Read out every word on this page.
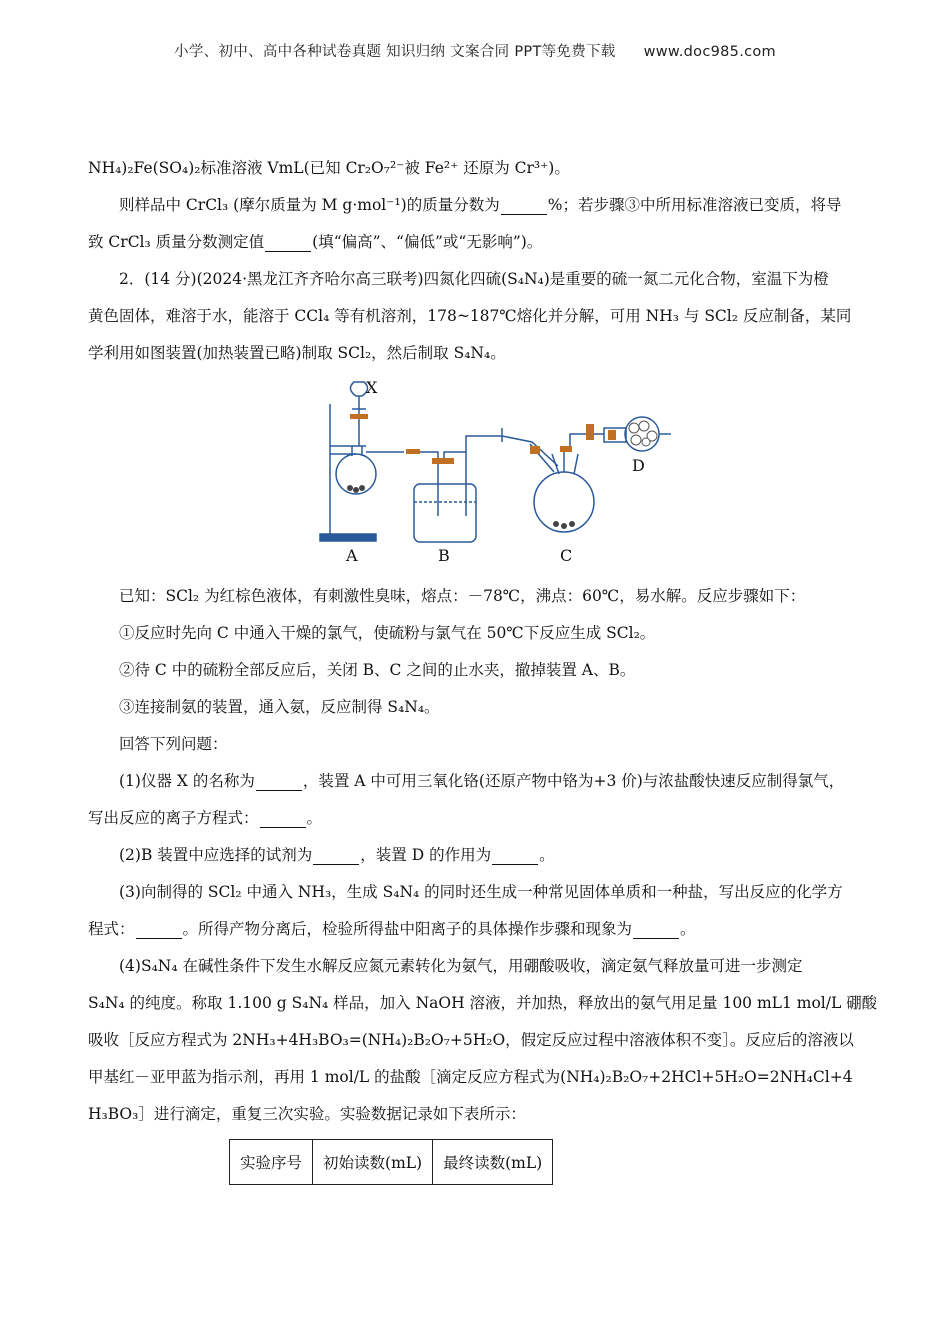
小学、初中、高中各种试卷真题 知识归纳 文案合同 PPT等免费下载 www.doc985.com
NH₄)₂Fe(SO₄)₂标准溶液 VmL(已知 Cr₂O₇²⁻被 Fe²⁺ 还原为 Cr³⁺)。
则样品中 CrCl₃ (摩尔质量为 M g·mol⁻¹)的质量分数为	%；若步骤③中所用标准溶液已变质，将导
致 CrCl₃ 质量分数测定值	(填“偏高”、“偏低”或“无影响”)。
2．(14 分)(2024·黑龙江齐齐哈尔高三联考)四氮化四硫(S₄N₄)是重要的硫一氮二元化合物，室温下为橙
黄色固体，难溶于水，能溶于 CCl₄ 等有机溶剂，178~187℃熔化并分解，可用 NH₃ 与 SCl₂ 反应制备，某同
学利用如图装置(加热装置已略)制取 SCl₂，然后制取 S₄N₄。
X
A	B	C
D
已知：SCl₂ 为红棕色液体，有刺激性臭味，熔点：－78℃，沸点：60℃，易水解。反应步骤如下：
①反应时先向 C 中通入干燥的氯气，使硫粉与氯气在 50℃下反应生成 SCl₂。
②待 C 中的硫粉全部反应后，关闭 B、C 之间的止水夹，撤掉装置 A、B。
③连接制氨的装置，通入氨，反应制得 S₄N₄。
回答下列问题：
(1)仪器 X 的名称为	，装置 A 中可用三氧化铬(还原产物中铬为+3 价)与浓盐酸快速反应制得氯气，
写出反应的离子方程式：	。
(2)B 装置中应选择的试剂为	，装置 D 的作用为	。
(3)向制得的 SCl₂ 中通入 NH₃，生成 S₄N₄ 的同时还生成一种常见固体单质和一种盐，写出反应的化学方
程式：	。所得产物分离后，检验所得盐中阳离子的具体操作步骤和现象为	。
(4)S₄N₄ 在碱性条件下发生水解反应氮元素转化为氨气，用硼酸吸收，滴定氨气释放量可进一步测定
S₄N₄ 的纯度。称取 1.100 g S₄N₄ 样品，加入 NaOH 溶液，并加热，释放出的氨气用足量 100 mL1 mol/L 硼酸
吸收［反应方程式为 2NH₃+4H₃BO₃=(NH₄)₂B₂O₇+5H₂O，假定反应过程中溶液体积不变］。反应后的溶液以
甲基红－亚甲蓝为指示剂，再用 1 mol/L 的盐酸［滴定反应方程式为(NH₄)₂B₂O₇+2HCl+5H₂O=2NH₄Cl+4
H₃BO₃］进行滴定，重复三次实验。实验数据记录如下表所示：
实验序号	初始读数(mL)	最终读数(mL)
